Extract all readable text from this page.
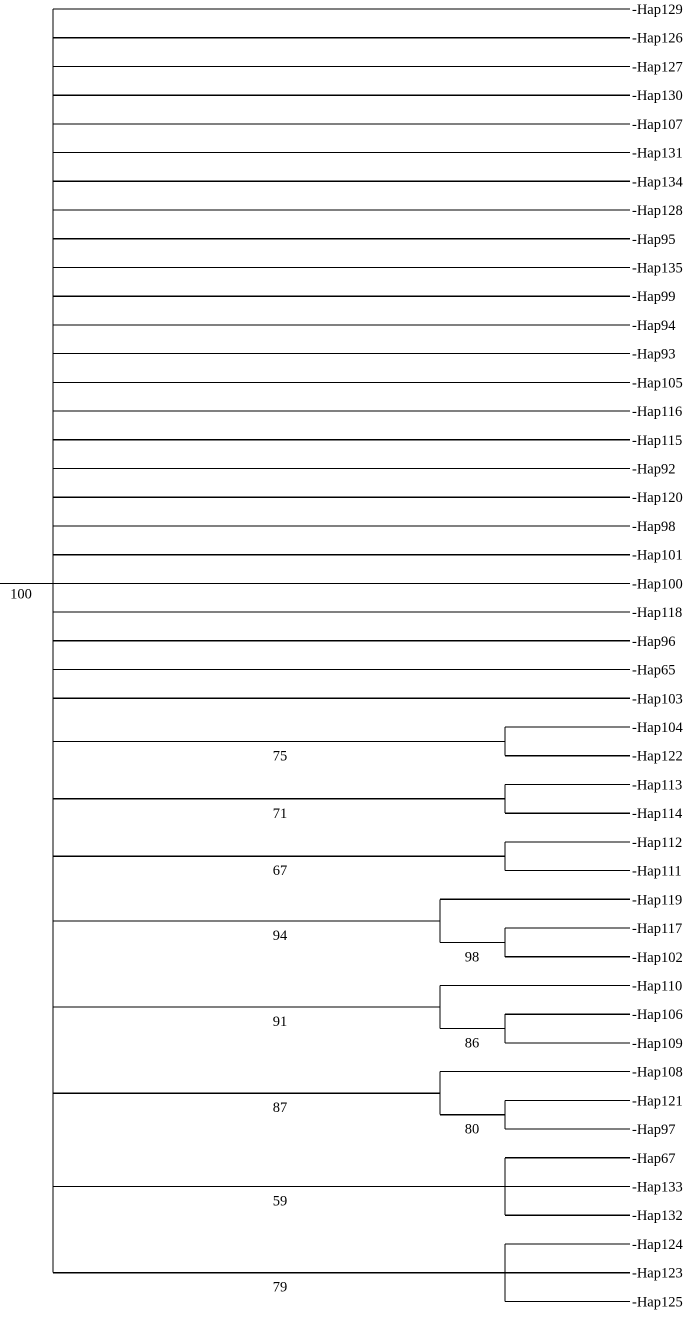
-Hap129
-Hap126
-Hap127
-Hap130
-Hap107
-Hap131
-Hap134
-Hap128
-Hap95
-Hap135
-Hap99
-Hap94
-Hap93
-Hap105
-Hap116
-Hap115
-Hap92
-Hap120
-Hap98
-Hap101
-Hap100
-Hap118
-Hap96
-Hap65
-Hap103
-Hap104
-Hap122
-Hap113
-Hap114
-Hap112
-Hap111
-Hap119
-Hap117
-Hap102
-Hap110
-Hap106
-Hap109
-Hap108
-Hap121
-Hap97
-Hap67
-Hap133
-Hap132
-Hap124
-Hap123
-Hap125
75
71
67
98
94
86
91
80
87
59
79
100
